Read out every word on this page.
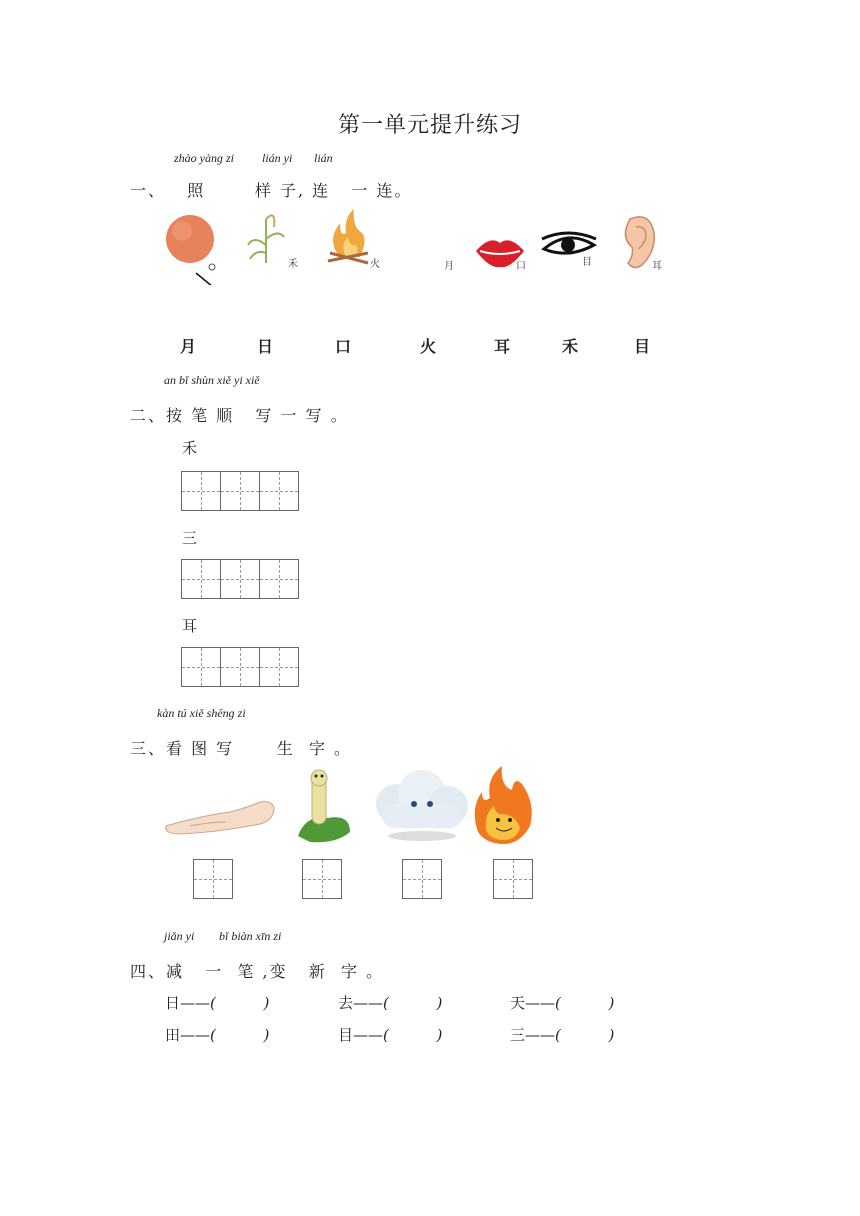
第一单元提升练习
zhào yànɡ zi lián yi lián
一、   照       样 子, 连   一 连。
禾	火	月	口	目	耳
月	日	口	火	耳	禾	目
an bǐ shùn xiě yi xiě
二、按 笔 顺   写 一 写 。
禾
三
耳
kàn tú xiě shēnɡ zi
三、看 图 写      生  字 。
jiǎn yi bǐ biàn xīn zi
四、减   一  笔 ,变   新  字 。
日——(          )	去——(          )	天——(          )
田——(          )	目——(          )	三——(          )
